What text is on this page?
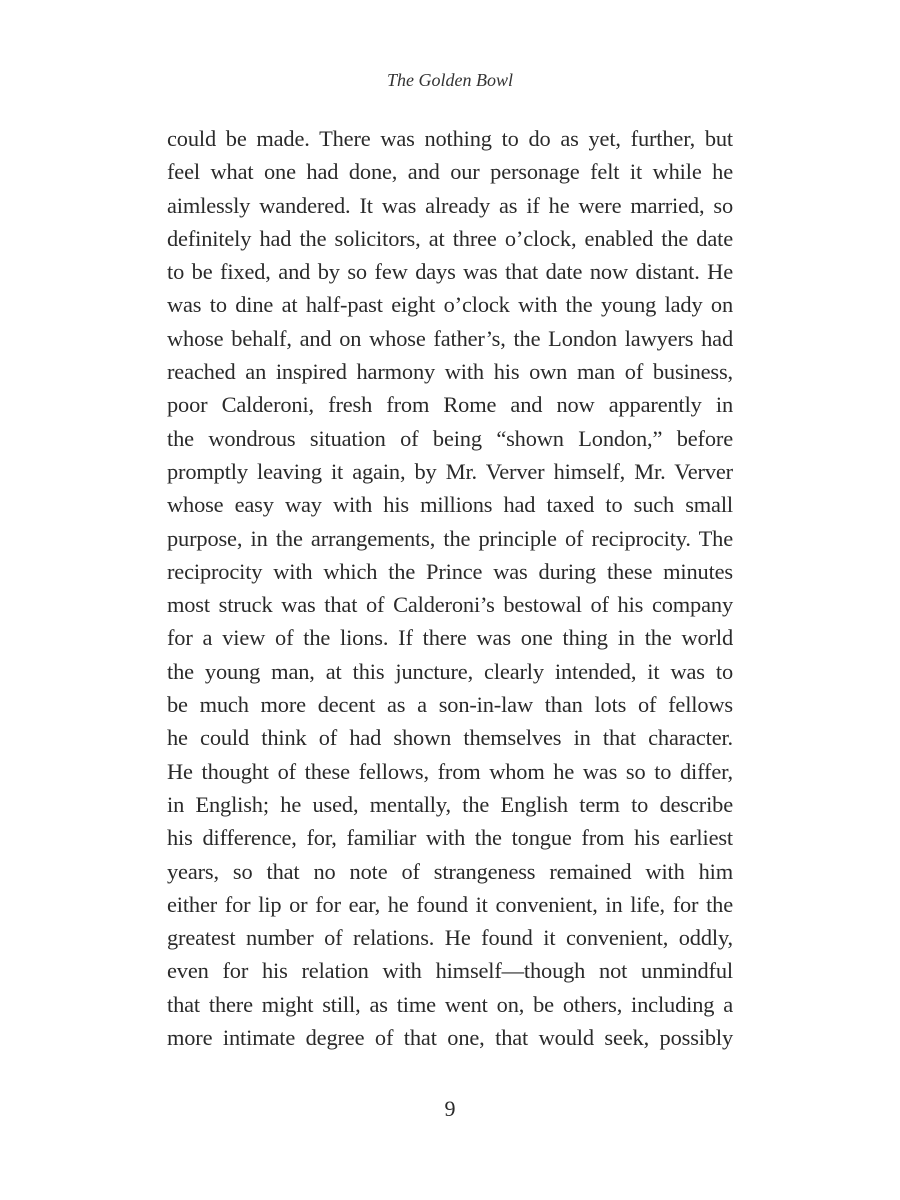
The Golden Bowl
could be made. There was nothing to do as yet, further, but
feel what one had done, and our personage felt it while he
aimlessly wandered. It was already as if he were married, so
definitely had the solicitors, at three o’clock, enabled the date
to be fixed, and by so few days was that date now distant. He
was to dine at half-past eight o’clock with the young lady on
whose behalf, and on whose father’s, the London lawyers had
reached an inspired harmony with his own man of business,
poor Calderoni, fresh from Rome and now apparently in
the wondrous situation of being “shown London,” before
promptly leaving it again, by Mr. Verver himself, Mr. Verver
whose easy way with his millions had taxed to such small
purpose, in the arrangements, the principle of reciprocity. The
reciprocity with which the Prince was during these minutes
most struck was that of Calderoni’s bestowal of his company
for a view of the lions. If there was one thing in the world
the young man, at this juncture, clearly intended, it was to
be much more decent as a son-in-law than lots of fellows
he could think of had shown themselves in that character.
He thought of these fellows, from whom he was so to differ,
in English; he used, mentally, the English term to describe
his difference, for, familiar with the tongue from his earliest
years, so that no note of strangeness remained with him
either for lip or for ear, he found it convenient, in life, for the
greatest number of relations. He found it convenient, oddly,
even for his relation with himself—though not unmindful
that there might still, as time went on, be others, including a
more intimate degree of that one, that would seek, possibly
9
